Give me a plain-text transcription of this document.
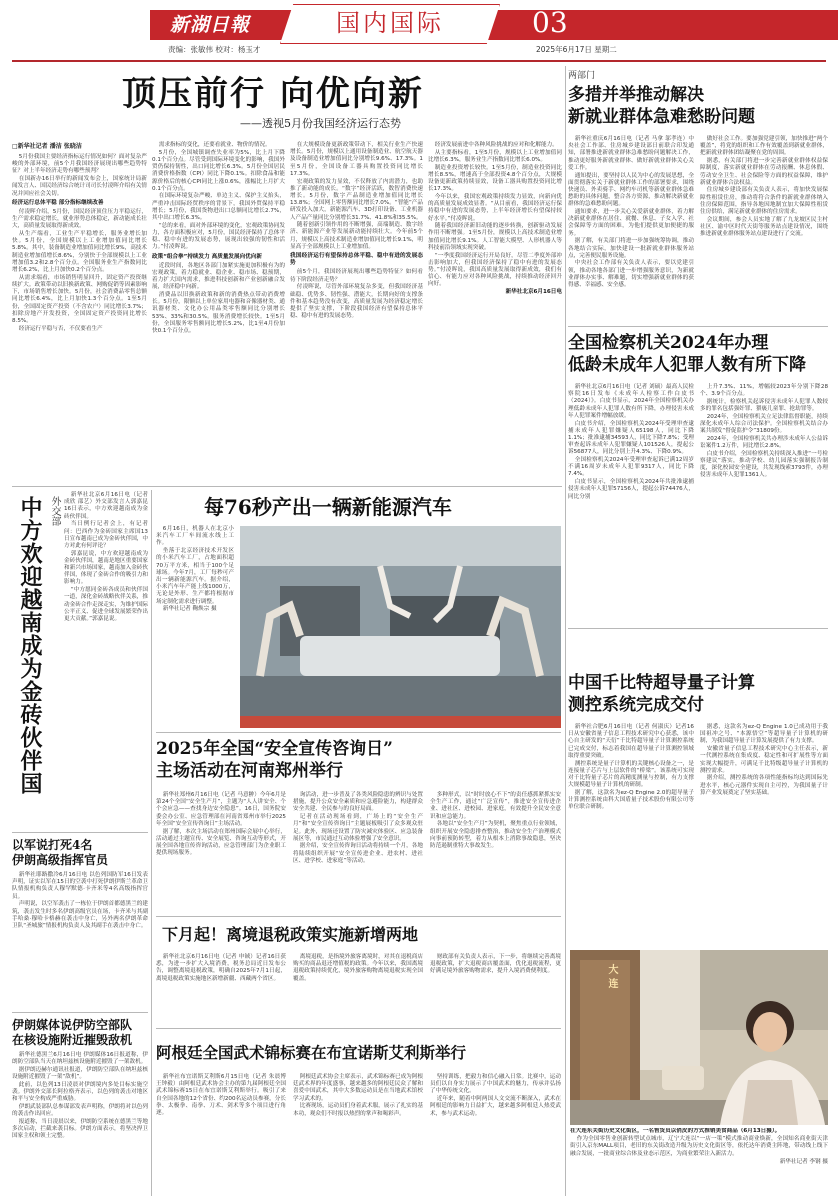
新湖日報	国内国际	03
责编：张敏伟 校对：杨玉才	2025年6月17日 星期二
顶压前行 向优向新
——透视5月份我国经济运行态势
□新华社记者 潘洁 张晓洁

5月份我国主要经济指标运行情况如何？面对复杂严峻的外部环境，前5个月我国经济展现出哪些趋势特征？对上半年经济走势有哪些预判？

在国新办16日举行的新闻发布会上，国家统计局新闻发言人、国民经济综合统计司司长付凌晖介绍有关情况并回应社会关切。

经济运行总体平稳 部分指标继续改善

付凌晖介绍，5月份，国民经济顶住压力平稳运行，生产需求稳定增长，就业形势总体稳定，新动能成长壮大，高质量发展取得新成效。

从生产端看，工业生产平稳增长，服务业增长加快。5月份，全国规模以上工业增加值同比增长5.8%。其中，装备制造业增加值同比增长9%，高技术制造业增加值增长8.6%，分别快于全部规模以上工业增加值3.2和2.8个百分点。全国服务业生产指数同比增长6.2%，比上月加快0.2个百分点。

从需求端看，市场销售明显回升，固定资产投资继续扩大。政策带动以旧换新政策、网购促销等因素影响下，市场销售增长加快。5月份，社会消费品零售总额同比增长6.4%，比上月加快1.3个百分点。1至5月份，全国固定资产投资（不含农户）同比增长3.7%；扣除房地产开发投资，全国固定资产投资同比增长8.5%。

经济运行平稳与否，不仅要看生产

需求指标的变化，还要看就业、物价的情况。

5月份，全国城镇调查失业率为5%，比上月下降0.1个百分点。尽管受到国际环境变化的影响，我国外贸仍保持韧性，出口同比增长6.3%。5月份全国居民消费价格指数（CPI）同比下降0.1%。扣除食品和能源价格后的核心CPI同比上涨0.6%，涨幅比上月扩大0.1个百分点。

在国际环境复杂严峻、单边主义、保护主义抬头，严重冲击国际经贸秩序的背景下，我国外贸保持平稳增长；5月份，我国货物进出口总额同比增长2.7%，其中出口增长6.3%。

“总的来看，面对外部环境的变化，宏观政策协同发力，各方面积极应对，5月份，国民经济保持了总体平稳、稳中有进的发展态势，展现出较强的韧性和活力。”付凌晖说。

政策“组合拳”持续发力 高质量发展向优向新

近段时间，各地区各部门加紧实施更加积极有为的宏观政策，着力稳就业、稳企业、稳市场、稳预期，着力扩大国内需求，推进科技创新和产业创新融合发展，经济稳中向新。

消费品以旧换新政策和新的消费热点带动消费增长。5月份，限额以上单位家用电器和音像器材类、通讯器材类、文化办公用品类零售额同比分别增长53%、33%和30.5%。服务消费增长较快。1至5月份，全国服务零售额同比增长5.2%，比1至4月份加快0.1个百分点。

在大规模设备更新政策带动下，相关行业生产快速增长。5月份，规模以上通用设备制造业、航空航天器及设备制造业增加值同比分别增长9.6%、17.3%。1至5月份，全国设备工器具购置投资同比增长17.3%。

宏观政策的发力显效，不仅释放了内需潜力，也助推了新动能的成长。“数字”经济活跃，数智消费快速增长。5月份，数字产品制造业增加值同比增长13.8%；全国网上零售额同比增长7.0%。“智能”产品研发投入加大，新能源汽车、3D打印设备、工业机器人产品产量同比分别增长31.7%、41.8%和35.5%。

随着创新引领作用的不断增强，高端制造、数字经济、新能源产业等发展新动能持续壮大。今年前5个月，规模以上高技术制造业增加值同比增长9.1%，明显高于全部规模以上工业增加值。

我国经济运行有望保持总体平稳、稳中有进的发展态势

前5个月，我国经济展现出哪些趋势特征？如何看待下阶段经济走势？

付凌晖说，尽管外部环境复杂多变，但我国经济基础稳、优势多、韧性强、潜能大，长期向好的支撑条件和基本趋势没有改变，高质量发展为经济稳定增长提供了坚实支撑，下阶段我国经济有望保持总体平稳、稳中有进的发展态势。

经济发展前进中各种风险挑战的应对和化解能力。

从主要指标看，1至5月份，规模以上工业增加值同比增长6.3%，服务业生产指数同比增长6.0%。

制造业投资增长较快。1至5月份，制造业投资同比增长8.5%，增速高于全部投资4.8个百分点，大规模设备更新政策持续显效，设备工器具购置投资同比增长17.3%。

今年以来，我国宏观政策持续发力显效，向新向优的高质量发展成效显著。“从目前看，我国经济运行保持稳中有进的发展态势，上半年经济增长有望保持较好水平。”付凌晖说。

随着我国经济新旧动能的逐步转换，创新驱动发展作用不断增强。1至5月份，规模以上高技术制造业增加值同比增长9.1%。人工智能大模型、人形机器人等科技前沿领域实现突破。

“一季度我国经济运行开局良好，尽管二季度外部冲击影响加大，但我国经济保持了稳中有进的发展态势。”付凌晖说，我国高质量发展取得新成效，我们有信心、有能力应对各种风险挑战，持续推动经济回升向好。

新华社北京6月16日电

两部门
多措并举推动解决
新就业群体急难愁盼问题

新华社重庆6月16日电（记者 马拿 邬孝连）中央社会工作部、住房城乡建设部日前联合印发通知，部署推进新就业群体急难愁盼问题解决工作，推动更好服务新就业群体、做好新就业群体关心关爱工作。

通知提出，要坚持以人民为中心的发展思想，全面贯彻落实关于新就业群体工作的部署要求，围绕快递员、外卖骑手、网约车司机等新就业群体急难愁盼的具体问题，整合各方资源，推动解决新就业群体的急难愁盼问题。

通知要求，进一步关心关爱新就业群体，着力解决新就业群体在居住、就餐、休息、子女入学、社会保障等方面的困难，为他们提供更加便捷的服务。

据了解，有关部门将进一步加强统筹协调，推动各地结合实际，加快建设一批新就业群体服务站点，完善便民服务设施。

中央社会工作部有关负责人表示，要以党建引领，推动各地各部门进一步增强服务意识，为新就业群体办实事、解难题，切实增强新就业群体的获得感、幸福感、安全感。

做好社会工作。要加强党建引领，加快推进“两个覆盖”，将党的组织和工作有效覆盖到新就业群体，把新就业群体团结凝聚在党的周围。

据悉，有关部门将进一步完善新就业群体权益保障制度，落实新就业群体在劳动报酬、休息休假、劳动安全卫生、社会保险等方面的权益保障，维护新就业群体合法权益。

住房城乡建设部有关负责人表示，将加快发展保障性租赁住房，推动将符合条件的新就业群体纳入住房保障范围，指导各地因地制宜加大保障性租赁住房供给，满足新就业群体的住房需求。

会议期间，参会人员实地了解了九龙坡区民主村社区、渝中区时代天街等服务站点建设情况，围绕推进新就业群体服务站点建设进行了交流。

全国检察机关2024年办理
低龄未成年人犯罪人数有所下降

新华社北京6月16日电（记者 刘硕）最高人民检察院16日发布《未成年人检察工作白皮书（2024）》。白皮书显示，2024年全国检察机关办理低龄未成年人犯罪人数有所下降，办理侵害未成年人犯罪案件增幅放缓。

白皮书介绍，全国检察机关2024年受理审查逮捕未成年人犯罪嫌疑人65198人，同比下降1.1%；批准逮捕34593人，同比下降7.8%；受理审查起诉未成年人犯罪嫌疑人101526人，提起公诉56877人，同比分别上升4.3%、下降0.9%。

全国检察机关2024年受理审查起诉已满12周岁不满16周岁未成年人犯罪9317人，同比下降7.4%。

白皮书显示，全国检察机关2024年共批准逮捕侵害未成年人犯罪57156人，提起公诉74476人，同比分别

上升7.3%、11%，增幅较2023年分别下降28个、3.9个百分点。

据统计，检察机关起诉侵害未成年人犯罪人数较多的罪名包括强奸罪、猥亵儿童罪、抢劫罪等。

2024年，全国检察机关立足法律监督职能，持续深化未成年人综合司法保护。全国检察机关结合办案共制发“督促监护令”31809份。

2024年，全国检察机关共办理涉未成年人公益诉讼案件1.2万件，同比增长2.8%。

白皮书介绍，全国检察机关持续深入推进“一号检察建议”落实，推动学校、幼儿园落实强制报告制度，深化校园安全建设，共发现线索3793件，办理侵害未成年人犯罪1361人。

中国千比特超导量子计算
测控系统完成交付

新华社合肥6月16日电（记者 何淑庆）记者16日从安徽省量子信息工程技术研究中心获悉，该中心自主研发的“天衍”千比特超导量子计算测控系统已完成交付，标志着我国在超导量子计算测控领域取得重要突破。

测控系统是量子计算机的关键核心设备之一，是连接量子芯片与上层软件的“桥梁”。该系统可实现对千比特量子芯片的高精度测量与控制，有力支撑大规模超导量子计算机的研制。

据了解，这款名为ez-Q Engine 2.0的超导量子计算测控系统由科大国盾量子技术股份有限公司等单位联合研制。

据悉，这款名为ez-Q Engine 1.0已成功用于我国祖冲之号、“本源悟空”等超导量子计算机的研制，为我国超导量子计算发展提供了有力支撑。

安徽省量子信息工程技术研究中心主任表示，新一代测控系统在集成度、稳定性和可扩展性等方面实现大幅提升，可满足千比特级超导量子计算机的测控需求。

据介绍，测控系统的各项性能指标均达到国际先进水平，核心元器件实现自主可控，为我国量子计算产业发展奠定了坚实基础。

大连

在大连东关街历史文化街区，一名售货员以俏皮的方式推销美食商品（6月13日摄）。

作为全国零售业创新转型试点城市，辽宁大连以“一店一策”模式推动商业焕新，全国知名商业街天津街引入京东MALL项目，老旧的东关街改造升级为历史文化街区等，依托达年消费主阵地，带动线上线下融合发展，一批商业综合体及业态示范区，为商业繁荣注入新活力。

新华社记者 李钢 摄

外交部
中方欢迎越南成为金砖伙伴国

新华社北京6月16日电（记者 成欣 邵艺）外交部发言人郭嘉昆16日表示，中方欢迎越南成为金砖伙伴国。

当日例行记者会上，有记者问：巴西作为金砖国家主席国13日宣布越南已成为金砖伙伴国，中方对此有何评论？

郭嘉昆说，中方欢迎越南成为金砖伙伴国，越南是地区重要国家和新兴市场国家，越南加入金砖伙伴国，体现了金砖合作的吸引力和影响力。

“中方愿同金砖各成员和伙伴国一道，深化金砖战略伙伴关系，推动金砖合作走深走实，为维护国际公平正义、促进全球发展繁荣作出更大贡献。”郭嘉昆说。

以军说打死4名
伊朗高级指挥官员

新华社耶路撒冷6月16日电 以色列国防军16日发表声明，证实以军在15日的空袭中打死伊朗伊斯兰革命卫队情报机构负责人穆罕默德·卡齐米等4名高级指挥官员。

声明说，以空军袭击了一栋位于伊朗首都德黑兰的建筑，袭击发生时多名伊朗高级官员在场，卡齐米与其副手哈桑·穆哈卡格赫在袭击中身亡，另外两名伊朗革命卫队“圣城旅”情报机构负责人及其副手在袭击中身亡。

伊朗媒体说伊防空部队
在核设施附近摧毁敌机

新华社德黑兰6月16日电 伊朗媒体16日报道称，伊朗防空部队当天在纳坦兹核设施附近摧毁了一架敌机。

据伊朗迈赫尔通讯社报道，伊朗防空部队在纳坦兹核设施附近摧毁了一架“敌机”。

此前，以色列13日凌晨对伊朗境内多处目标实施空袭。伊朗外交部长阿拉格齐表示，以色列的袭击对地区和平与安全构成严重威胁。

伊朗武装部队总参谋部发表声明称，伊朗将对以色列的袭击作出回应。

报道称，当日凌晨以来，伊朗防空系统在德黑兰等地多次启动，拦截来袭目标。伊朗方面表示，将坚决捍卫国家主权和领土完整。

每76秒产出一辆新能源汽车

6月16日，机器人在北京小米汽车工厂车间流水线上工作。

坐落于北京经济技术开发区的小米汽车工厂，占地面积超70万平方米，相当于100个足球场。今年7月，工厂每秒可产出一辆新能源汽车。据介绍，小米汽车年产能上线1000万，无论是外形、生产都将根据市场定制化需求进行调整。

新华社记者 鞠焕宗 摄

2025年全国“安全宣传咨询日”
主场活动在河南郑州举行

新华社郑州6月16日电（记者 马意翀）今年6月是第24个全国“安全生产月”，主题为“人人讲安全、个个会应急——查找身边安全隐患”。16日，国务院安委会办公室、应急管理部在河南省郑州市举行2025年全国“安全宣传咨询日”主场活动。

据了解，本次主场活动在郑州国际会展中心举行，活动通过主题宣传、安全展览、咨询互动等形式，开展全国各地宣传咨询活动，应急管理部门为企业职工提供现场服务。

询活动，进一步普及了各类风险隐患的辨识与处置措施，提升公众安全素质和应急避险能力，构建群众安全共建、全民参与的良好局面。

记者在活动现场看到，广场上的“安全生产月”和“安全宣传咨询日”主题展板吸引了众多观众驻足。此外，现场还设置了防灾减灾体验区、应急装备展区等，市民通过互动体验增强了安全意识。

据介绍，安全宣传咨询日活动将持续一个月，各地将陆续组织开展“安全宣传进企业、进农村、进社区、进学校、进家庭”等活动。

多种形式，以“时时放心不下”的责任感抓紧抓实安全生产工作，通过“广泛宣传”，推进安全宣传进企业、进社区、进校园、进家庭，有效提升全民安全意识和应急能力。

各地以“安全生产月”为契机，聚焦重点行业领域，组织开展安全隐患排查整治，推动安全生产治理模式向事前预防转型，着力从根本上消除事故隐患，坚决防范遏制重特大事故发生。

下月起！离境退税政策实施新增两地

新华社北京6月16日电（记者 申铖）记者16日获悉，为进一步扩大入境消费，税务总局近日发布公告，调整离境退税政策，明确自2025年7月1日起，离境退税政策实施地区新增新疆、西藏两个省区。

离境退税，是指境外旅客离境时，对其在退税商店购买的商品退还增值税的政策。今年以来，我国离境退税政策持续优化，境外旅客购物离境退税实现全国覆盖。

财政部有关负责人表示，下一步，将继续完善离境退税政策，扩大退税商店覆盖面，优化退税流程，更好满足境外旅客购物需求，提升入境消费便利度。

阿根廷全国武术锦标赛在布宜诺斯艾利斯举行

新华社布宜诺斯艾利斯6月15日电（记者 朱晨博 王钟毅）由阿根廷武术协会主办的第九届阿根廷全国武术锦标赛15日在布宜诺斯艾利斯举行。吸引了来自全国各地的12个省份、约200名运动员参赛，分长拳、太极拳、南拳、刀术、剑术等多个项目进行角逐。

阿根廷武术协会主席表示，武术锦标赛已成为阿根廷武术界的年度盛事，越来越多的阿根廷民众了解和喜爱中国武术，其中大多数运动员是在当地武术馆校学习武术的。

比赛现场，运动员们身着武术服，展示了扎实的基本功，观众们不时报以热烈的掌声和喝彩声。

坚持训练，把毅力和信心融入日常。比赛中，运动员们以自身实力展示了中国武术的魅力，传承并弘扬了中华传统文化。

近年来，随着中阿两国人文交流不断深入，武术在阿根廷的影响力日益扩大，越来越多阿根廷人热爱武术，参与武术运动。
